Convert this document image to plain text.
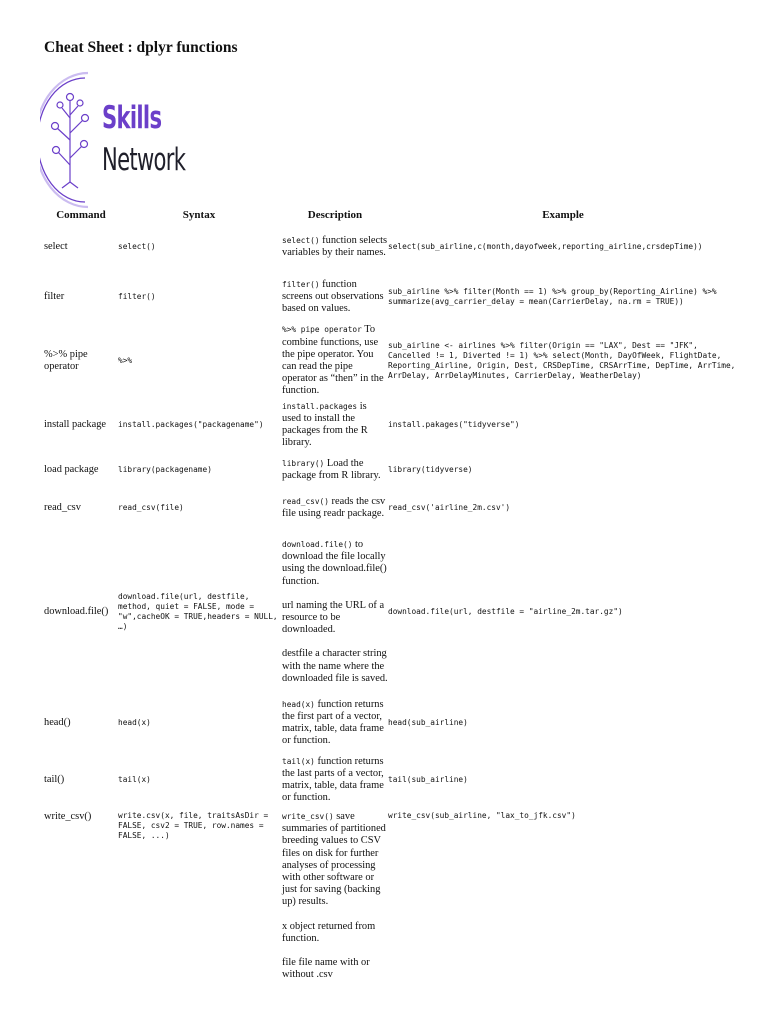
Cheat Sheet : dplyr functions
Skills
Network
Command	Syntax	Description	Example
select	select()	select() function selects variables by their names.	select(sub_airline,c(month,dayofweek,reporting_airline,crsdepTime))
filter	filter()	filter() function screens out observations based on values.	sub_airline %>% filter(Month == 1) %>% group_by(Reporting_Airline) %>% summarize(avg_carrier_delay = mean(CarrierDelay, na.rm = TRUE))
%>% pipe operator	%>%	%>% pipe operator To combine functions, use the pipe operator. You can read the pipe operator as “then” in the function.	sub_airline <- airlines %>% filter(Origin == "LAX", Dest == "JFK", Cancelled != 1, Diverted != 1) %>% select(Month, DayOfWeek, FlightDate, Reporting_Airline, Origin, Dest, CRSDepTime, CRSArrTime, DepTime, ArrTime, ArrDelay, ArrDelayMinutes, CarrierDelay, WeatherDelay)
install package	install.packages("packagename")	install.packages is used to install the packages from the R library.	install.pakages("tidyverse")
load package	library(packagename)	library() Load the package from R library.	library(tidyverse)
read_csv	read_csv(file)	read_csv() reads the csv file using readr package.	read_csv('airline_2m.csv')
download.file()	download.file(url, destfile, method, quiet = FALSE, mode = "w",cacheOK = TRUE,headers = NULL, …)	download.file() to download the file locally using the download.file() function.
url naming the URL of a resource to be downloaded.
destfile a character string with the name where the downloaded file is saved.	download.file(url, destfile = "airline_2m.tar.gz")
head()	head(x)	head(x) function returns the first part of a vector, matrix, table, data frame or function.	head(sub_airline)
tail()	tail(x)	tail(x) function returns the last parts of a vector, matrix, table, data frame or function.	tail(sub_airline)
write_csv()	write.csv(x, file, traitsAsDir = FALSE, csv2 = TRUE, row.names = FALSE, ...)	write_csv() save summaries of partitioned breeding values to CSV files on disk for further analyses of processing with other software or just for saving (backing up) results.
x object returned from function.
file file name with or without .csv	write_csv(sub_airline, "lax_to_jfk.csv")
